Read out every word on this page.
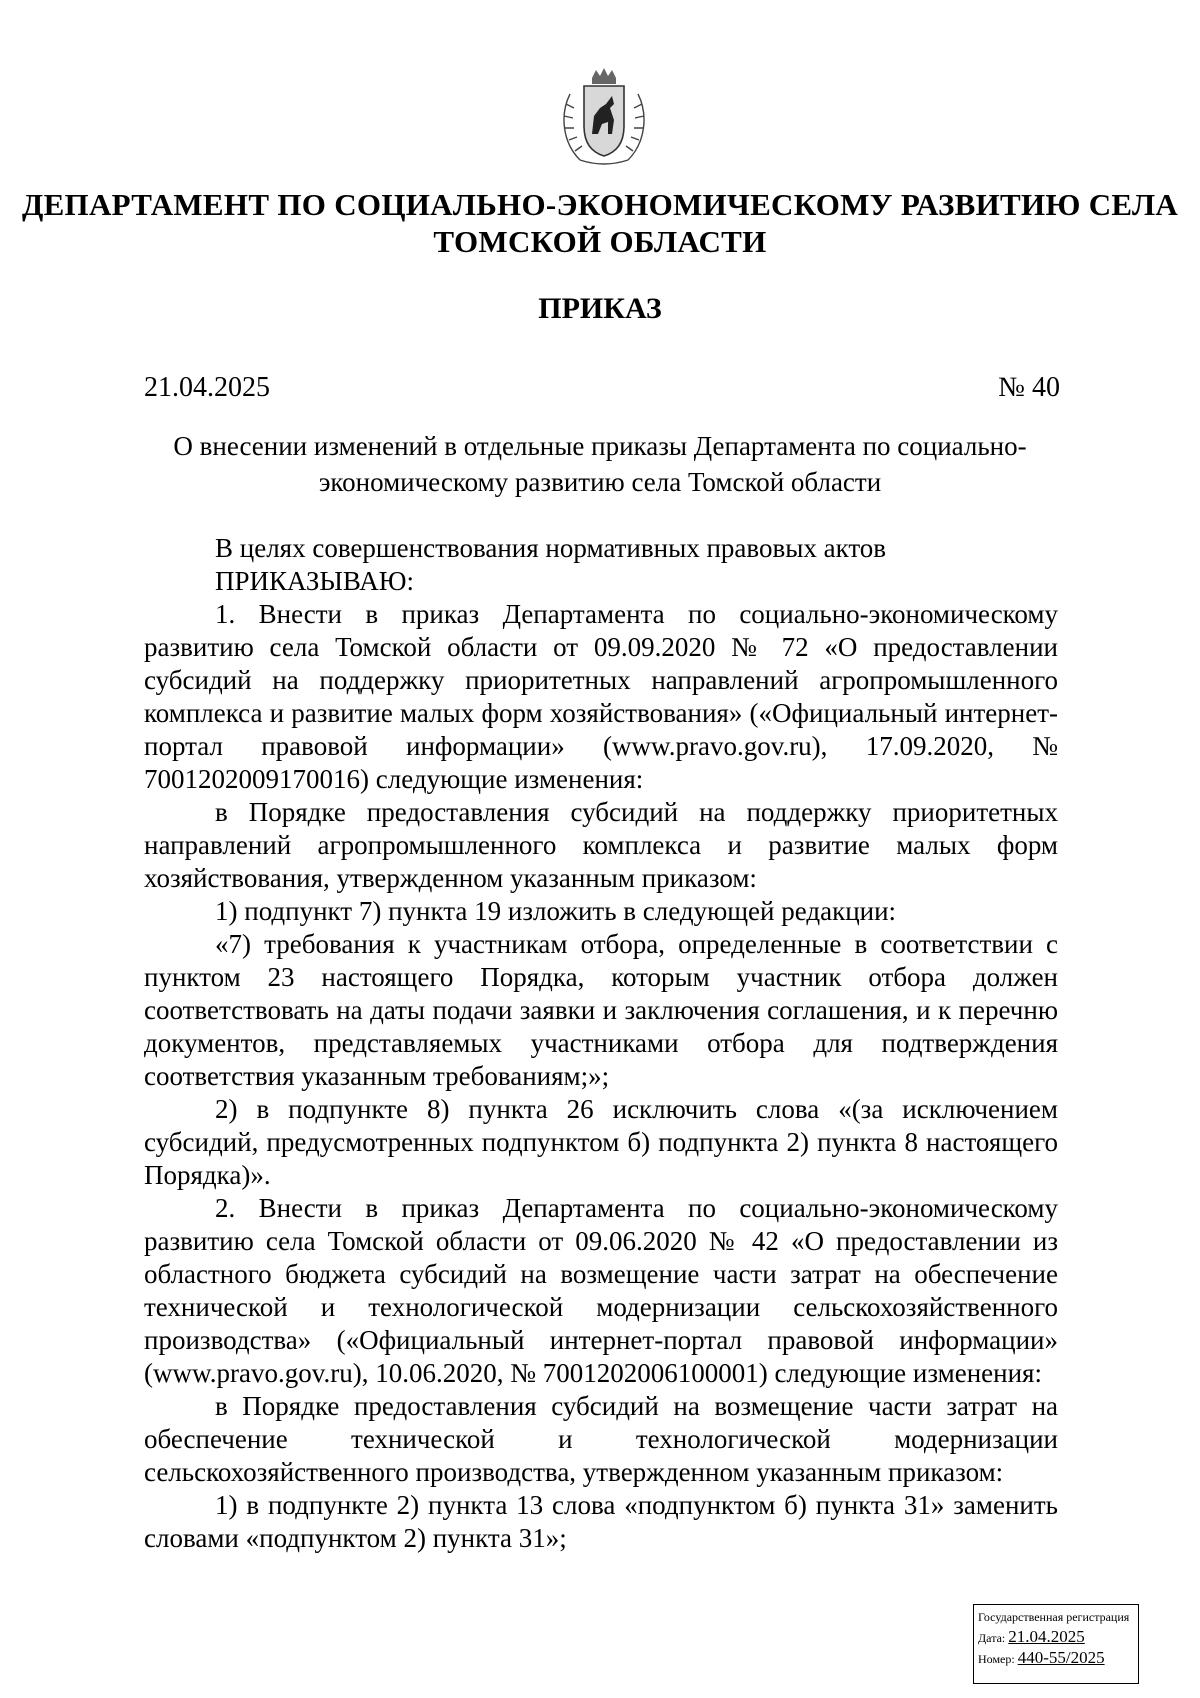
ДЕПАРТАМЕНТ ПО СОЦИАЛЬНО-ЭКОНОМИЧЕСКОМУ РАЗВИТИЮ СЕЛА ТОМСКОЙ ОБЛАСТИ
ПРИКАЗ
21.04.2025	№ 40
О внесении изменений в отдельные приказы Департамента по социально-экономическому развитию села Томской области

В целях совершенствования нормативных правовых актов

ПРИКАЗЫВАЮ:

1. Внести в приказ Департамента по социально-экономическому развитию села Томской области от 09.09.2020 № 72 «О предоставлении субсидий на поддержку приоритетных направлений агропромышленного комплекса и развитие малых форм хозяйствования» («Официальный интернет-портал правовой информации» (www.pravo.gov.ru), 17.09.2020, № 7001202009170016) следующие изменения:

в Порядке предоставления субсидий на поддержку приоритетных направлений агропромышленного комплекса и развитие малых форм хозяйствования, утвержденном указанным приказом:

1) подпункт 7) пункта 19 изложить в следующей редакции:

«7) требования к участникам отбора, определенные в соответствии с пунктом 23 настоящего Порядка, которым участник отбора должен соответствовать на даты подачи заявки и заключения соглашения, и к перечню документов, представляемых участниками отбора для подтверждения соответствия указанным требованиям;»;

2) в подпункте 8) пункта 26 исключить слова «(за исключением субсидий, предусмотренных подпунктом б) подпункта 2) пункта 8 настоящего Порядка)».

2. Внести в приказ Департамента по социально-экономическому развитию села Томской области от 09.06.2020 № 42 «О предоставлении из областного бюджета субсидий на возмещение части затрат на обеспечение технической и технологической модернизации сельскохозяйственного производства» («Официальный интернет-портал правовой информации» (www.pravo.gov.ru), 10.06.2020, № 7001202006100001) следующие изменения:

в Порядке предоставления субсидий на возмещение части затрат на обеспечение технической и технологической модернизации сельскохозяйственного производства, утвержденном указанным приказом:

1) в подпункте 2) пункта 13 слова «подпунктом б) пункта 31» заменить словами «подпунктом 2) пункта 31»;

Государственная регистрация
Дата: 21.04.2025
Номер: 440-55/2025
